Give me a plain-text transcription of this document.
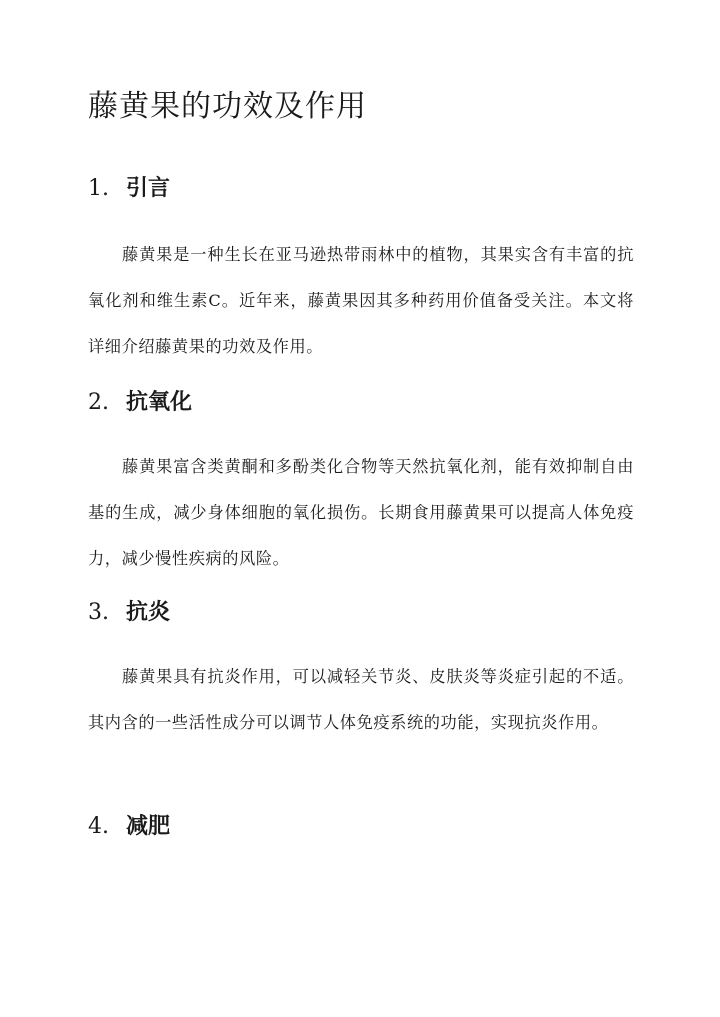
藤黄果的功效及作用
1. 引言

藤黄果是一种生长在亚马逊热带雨林中的植物，其果实含有丰富的抗氧化剂和维生素C。近年来，藤黄果因其多种药用价值备受关注。本文将详细介绍藤黄果的功效及作用。

2. 抗氧化

藤黄果富含类黄酮和多酚类化合物等天然抗氧化剂，能有效抑制自由基的生成，减少身体细胞的氧化损伤。长期食用藤黄果可以提高人体免疫力，减少慢性疾病的风险。

3. 抗炎

藤黄果具有抗炎作用，可以减轻关节炎、皮肤炎等炎症引起的不适。其内含的一些活性成分可以调节人体免疫系统的功能，实现抗炎作用。

4. 减肥
